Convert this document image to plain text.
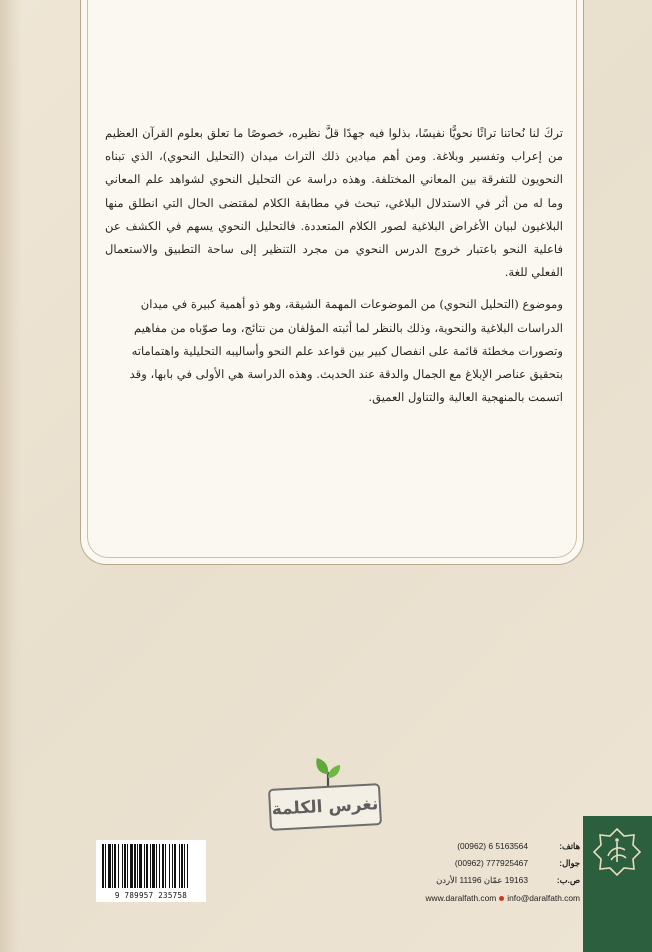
تركَ لنا نُحاتنا تراثًا نحويًّا نفيسًا، بذلوا فيه جهدًا قلَّ نظيره، خصوصًا ما تعلق بعلوم القرآن العظيم من إعراب وتفسير وبلاغة. ومن أهم ميادين ذلك التراث ميدان (التحليل النحوي)، الذي تبناه النحويون للتفرقة بين المعاني المختلفة. وهذه دراسة عن التحليل النحوي لشواهد علم المعاني وما له من أثر في الاستدلال البلاغي، تبحث في مطابقة الكلام لمقتضى الحال التي انطلق منها البلاغيون لبيان الأغراض البلاغية لصور الكلام المتعددة. فالتحليل النحوي يسهم في الكشف عن فاعلية النحو باعتبار خروج الدرس النحوي من مجرد التنظير إلى ساحة التطبيق والاستعمال الفعلي للغة.

وموضوع (التحليل النحوي) من الموضوعات المهمة الشيقة، وهو ذو أهمية كبيرة في ميدان الدراسات البلاغية والنحوية، وذلك بالنظر لما أثبته المؤلفان من نتائج، وما صوّباه من مفاهيم وتصورات مخطئة قائمة على انفصال كبير بين قواعد علم النحو وأساليبه التحليلية واهتماماته بتحقيق عناصر الإبلاغ مع الجمال والدقة عند الحديث. وهذه الدراسة هي الأولى في بابها، وقد اتسمت بالمنهجية العالية والتناول العميق.

نغرس الكلمة
9 789957 235758
هاتف:
(00962) 6 5163564
جوال:
(00962) 777925467
ص.ب:
19163 عمّان 11196 الأردن
www.daralfath.com info@daralfath.com
